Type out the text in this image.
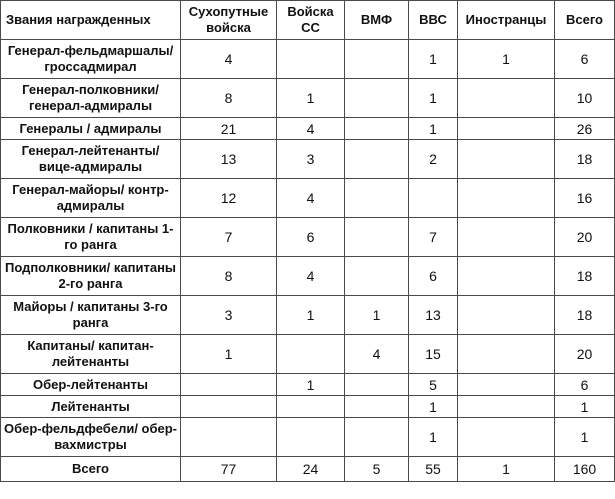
Звания награжденных	Сухопутные войска	Войска СС	ВМФ	ВВС	Иностранцы	Всего
Генерал-фельдмаршалы/ гроссадмирал	4			1	1	6
Генерал-полковники/ генерал-адмиралы	8	1		1		10
Генералы / адмиралы	21	4		1		26
Генерал-лейтенанты/ вице-адмиралы	13	3		2		18
Генерал-майоры/ контр-адмиралы	12	4				16
Полковники / капитаны 1-го ранга	7	6		7		20
Подполковники/ капитаны 2-го ранга	8	4		6		18
Майоры / капитаны 3-го ранга	3	1	1	13		18
Капитаны/ капитан-лейтенанты	1		4	15		20
Обер-лейтенанты		1		5		6
Лейтенанты				1		1
Обер-фельдфебели/ обер-вахмистры				1		1
Всего	77	24	5	55	1	160
